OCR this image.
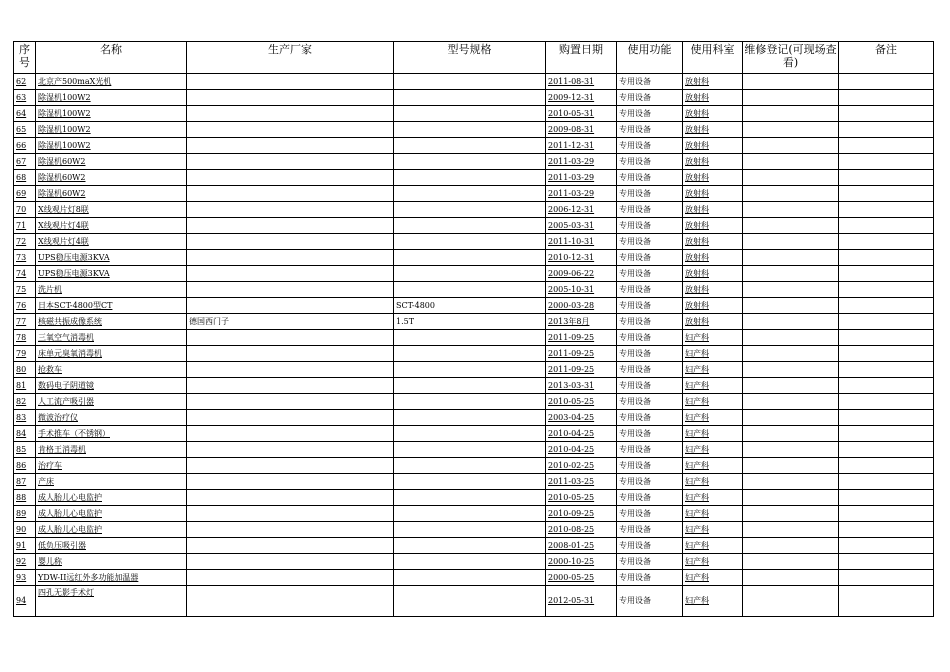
序号	名称	生产厂家	型号规格	购置日期	使用功能	使用科室	维修登记(可现场查看)	备注
62	北京产500maX光机			2011-08-31	专用设备	放射科		
63	除湿机100W2			2009-12-31	专用设备	放射科		
64	除湿机100W2			2010-05-31	专用设备	放射科		
65	除湿机100W2			2009-08-31	专用设备	放射科		
66	除湿机100W2			2011-12-31	专用设备	放射科		
67	除湿机60W2			2011-03-29	专用设备	放射科		
68	除湿机60W2			2011-03-29	专用设备	放射科		
69	除湿机60W2			2011-03-29	专用设备	放射科		
70	X线观片灯8联			2006-12-31	专用设备	放射科		
71	X线观片灯4联			2005-03-31	专用设备	放射科		
72	X线观片灯4联			2011-10-31	专用设备	放射科		
73	UPS稳压电源3KVA			2010-12-31	专用设备	放射科		
74	UPS稳压电源3KVA			2009-06-22	专用设备	放射科		
75	洗片机			2005-10-31	专用设备	放射科		
76	日本SCT-4800型CT		SCT-4800	2000-03-28	专用设备	放射科		
77	核磁共振成像系统	德国西门子	1.5T	2013年8月	专用设备	放射科		
78	三氧空气消毒机			2011-09-25	专用设备	妇产科		
79	床单元臭氧消毒机			2011-09-25	专用设备	妇产科		
80	抢救车			2011-09-25	专用设备	妇产科		
81	数码电子阴道镜			2013-03-31	专用设备	妇产科		
82	人工流产吸引器			2010-05-25	专用设备	妇产科		
83	微波治疗仪			2003-04-25	专用设备	妇产科		
84	手术推车（不锈钢）			2010-04-25	专用设备	妇产科		
85	肯格王消毒机			2010-04-25	专用设备	妇产科		
86	治疗车			2010-02-25	专用设备	妇产科		
87	产床			2011-03-25	专用设备	妇产科		
88	成人胎儿心电监护			2010-05-25	专用设备	妇产科		
89	成人胎儿心电监护			2010-09-25	专用设备	妇产科		
90	成人胎儿心电监护			2010-08-25	专用设备	妇产科		
91	低负压吸引器			2008-01-25	专用设备	妇产科		
92	婴儿称			2000-10-25	专用设备	妇产科		
93	YDW-II远红外多功能加温器			2000-05-25	专用设备	妇产科		
94	四孔无影手术灯			2012-05-31	专用设备	妇产科		
